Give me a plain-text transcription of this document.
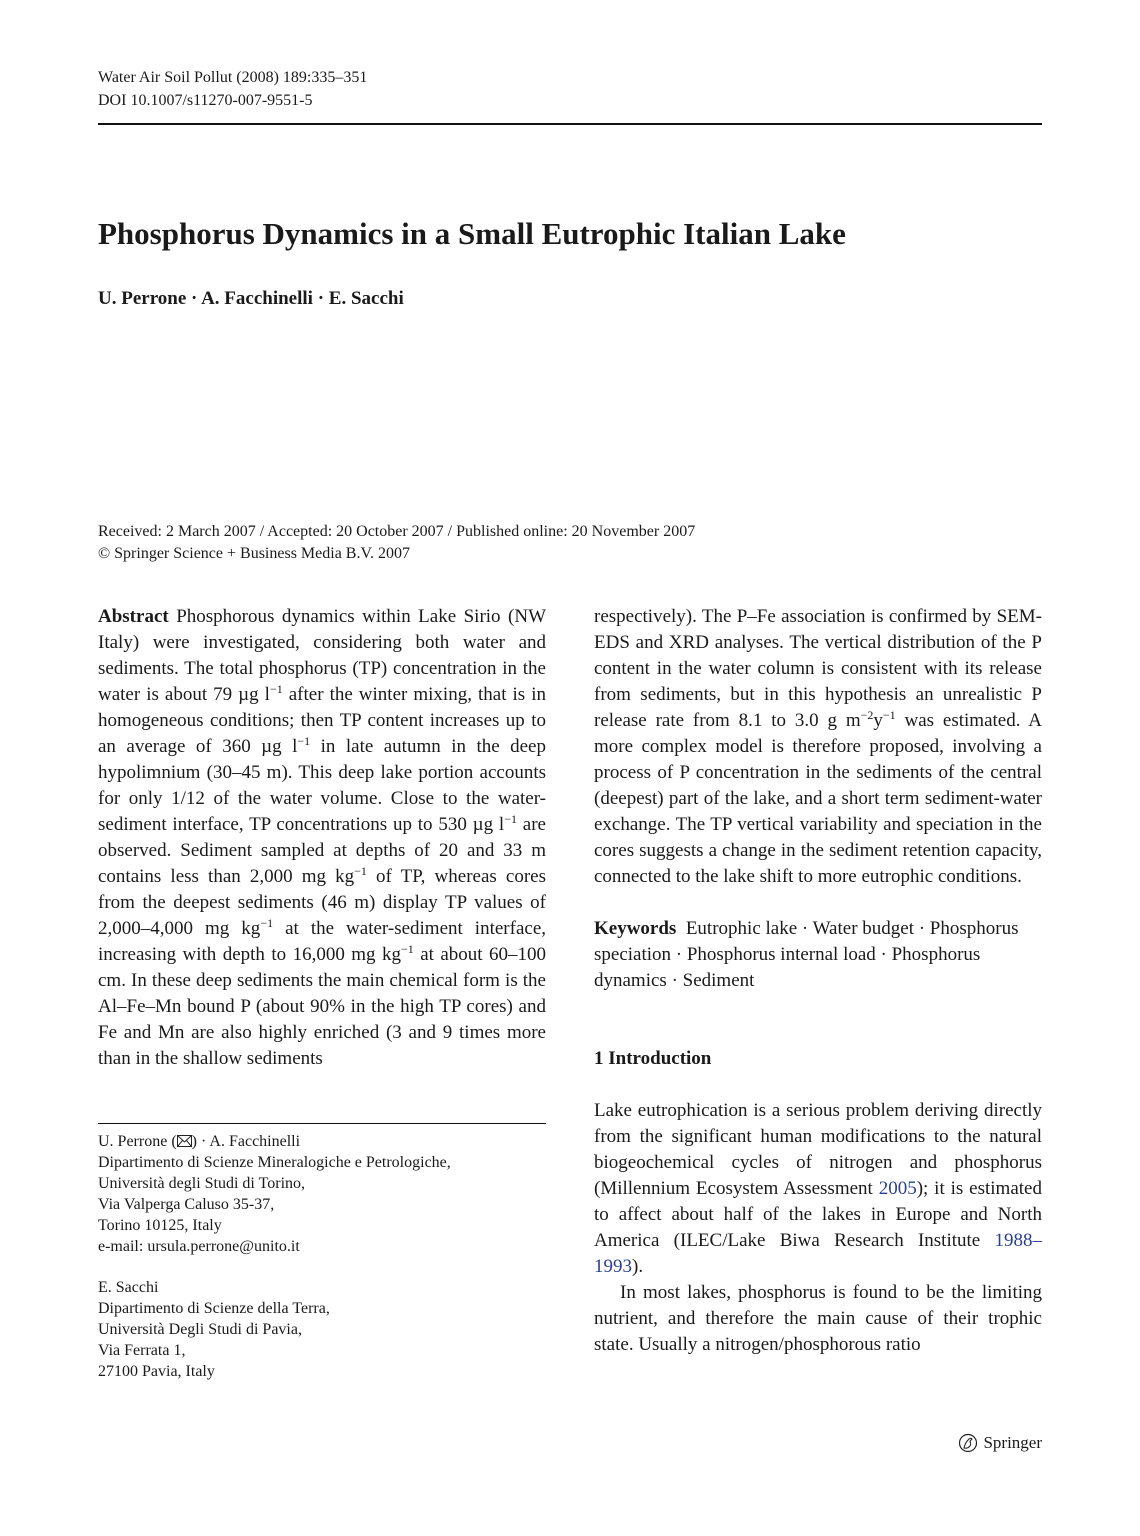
Water Air Soil Pollut (2008) 189:335–351
DOI 10.1007/s11270-007-9551-5
Phosphorus Dynamics in a Small Eutrophic Italian Lake
U. Perrone · A. Facchinelli · E. Sacchi
Received: 2 March 2007 / Accepted: 20 October 2007 / Published online: 20 November 2007
© Springer Science + Business Media B.V. 2007

Abstract Phosphorous dynamics within Lake Sirio (NW Italy) were investigated, considering both water and sediments. The total phosphorus (TP) concentration in the water is about 79 µg $l^{-1}$ after the winter mixing, that is in homogeneous conditions; then TP content increases up to an average of 360 µg $l^{-1}$ in late autumn in the deep hypolimnium (30–45 m). This deep lake portion accounts for only 1/12 of the water volume. Close to the water-sediment interface, TP concentrations up to 530 µg $l^{-1}$ are observed. Sediment sampled at depths of 20 and 33 m contains less than 2,000 mg $kg^{-1}$ of TP, whereas cores from the deepest sediments (46 m) display TP values of 2,000–4,000 mg $kg^{-1}$ at the water-sediment interface, increasing with depth to 16,000 mg $kg^{-1}$ at about 60–100 cm. In these deep sediments the main chemical form is the Al–Fe–Mn bound P (about 90% in the high TP cores) and Fe and Mn are also highly enriched (3 and 9 times more than in the shallow sediments

U. Perrone ( ) · A. Facchinelli
Dipartimento di Scienze Mineralogiche e Petrologiche,
Università degli Studi di Torino,
Via Valperga Caluso 35-37,
Torino 10125, Italy
e-mail: ursula.perrone@unito.it
E. Sacchi
Dipartimento di Scienze della Terra,
Università Degli Studi di Pavia,
Via Ferrata 1,
27100 Pavia, Italy

respectively). The P–Fe association is confirmed by SEM-EDS and XRD analyses. The vertical distribution of the P content in the water column is consistent with its release from sediments, but in this hypothesis an unrealistic P release rate from 8.1 to 3.0 g $m^{-2}y^{-1}$ was estimated. A more complex model is therefore proposed, involving a process of P concentration in the sediments of the central (deepest) part of the lake, and a short term sediment-water exchange. The TP vertical variability and speciation in the cores suggests a change in the sediment retention capacity, connected to the lake shift to more eutrophic conditions.

Keywords Eutrophic lake · Water budget · Phosphorus speciation · Phosphorus internal load · Phosphorus dynamics · Sediment

1 Introduction

Lake eutrophication is a serious problem deriving directly from the significant human modifications to the natural biogeochemical cycles of nitrogen and phosphorus (Millennium Ecosystem Assessment 2005); it is estimated to affect about half of the lakes in Europe and North America (ILEC/Lake Biwa Research Institute 1988–1993).

In most lakes, phosphorus is found to be the limiting nutrient, and therefore the main cause of their trophic state. Usually a nitrogen/phosphorous ratio

Springer
